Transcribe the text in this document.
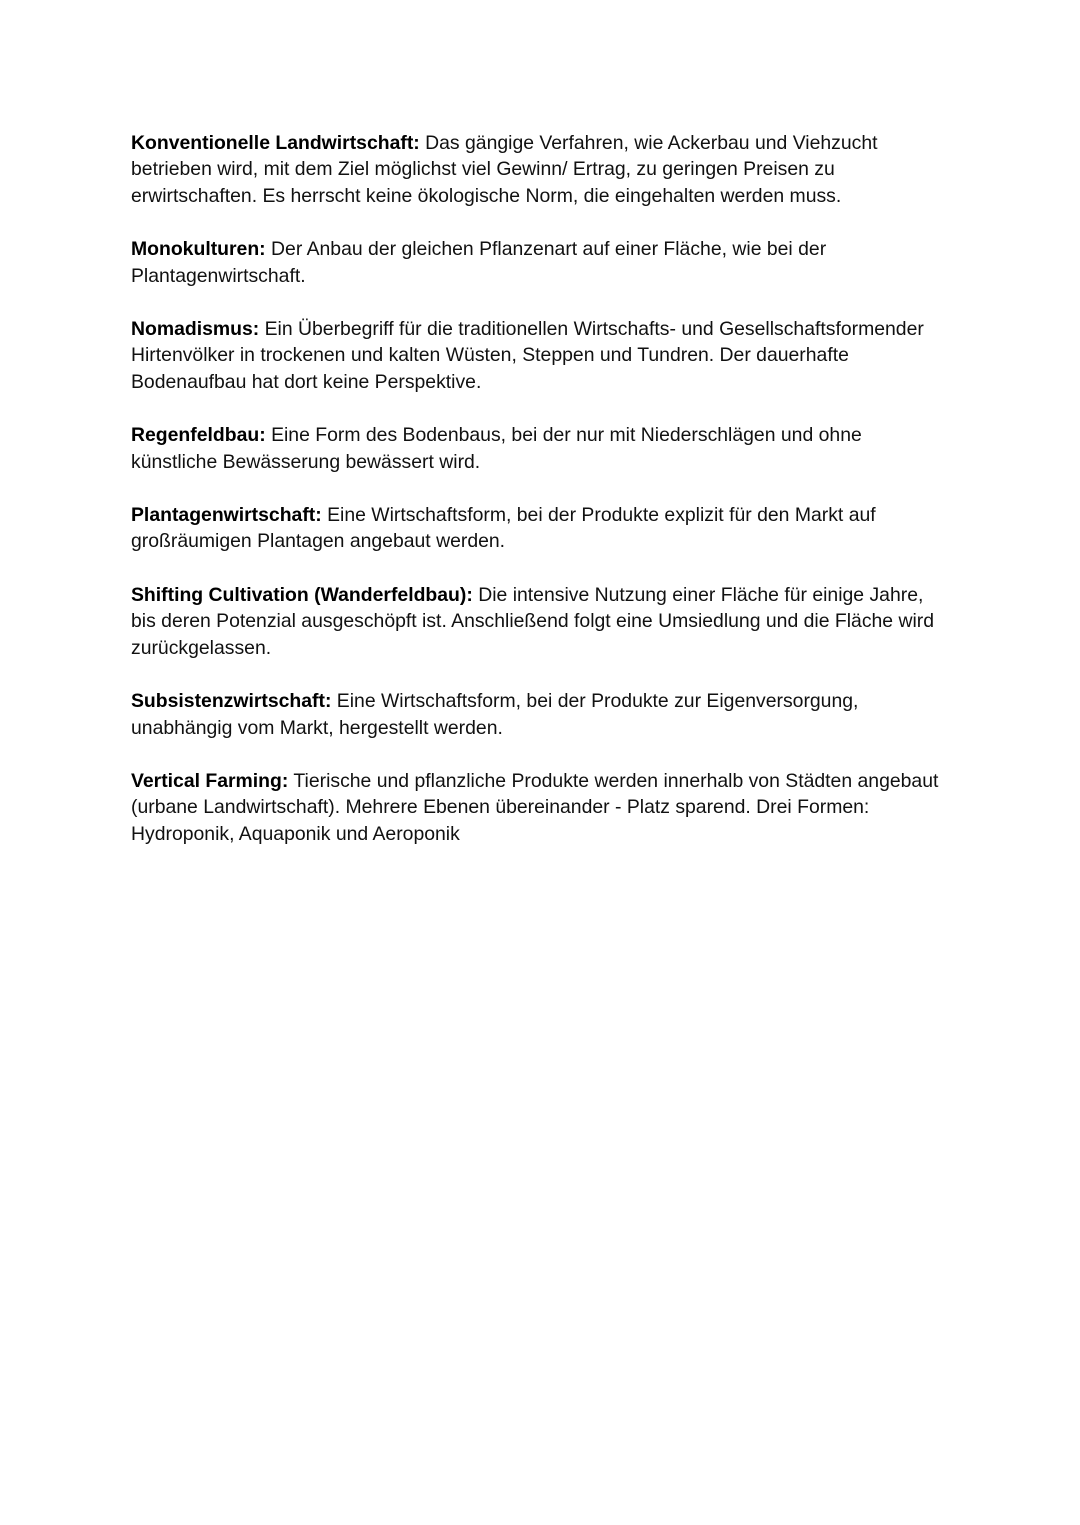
Konventionelle Landwirtschaft: Das gängige Verfahren, wie Ackerbau und Viehzucht betrieben wird, mit dem Ziel möglichst viel Gewinn/ Ertrag, zu geringen Preisen zu erwirtschaften. Es herrscht keine ökologische Norm, die eingehalten werden muss.

Monokulturen: Der Anbau der gleichen Pflanzenart auf einer Fläche, wie bei der Plantagenwirtschaft.

Nomadismus: Ein Überbegriff für die traditionellen Wirtschafts- und Gesellschaftsformender Hirtenvölker in trockenen und kalten Wüsten, Steppen und Tundren. Der dauerhafte Bodenaufbau hat dort keine Perspektive.

Regenfeldbau: Eine Form des Bodenbaus, bei der nur mit Niederschlägen und ohne künstliche Bewässerung bewässert wird.

Plantagenwirtschaft: Eine Wirtschaftsform, bei der Produkte explizit für den Markt auf großräumigen Plantagen angebaut werden.

Shifting Cultivation (Wanderfeldbau): Die intensive Nutzung einer Fläche für einige Jahre, bis deren Potenzial ausgeschöpft ist. Anschließend folgt eine Umsiedlung und die Fläche wird zurückgelassen.

Subsistenzwirtschaft: Eine Wirtschaftsform, bei der Produkte zur Eigenversorgung, unabhängig vom Markt, hergestellt werden.

Vertical Farming: Tierische und pflanzliche Produkte werden innerhalb von Städten angebaut (urbane Landwirtschaft). Mehrere Ebenen übereinander - Platz sparend. Drei Formen: Hydroponik, Aquaponik und Aeroponik
